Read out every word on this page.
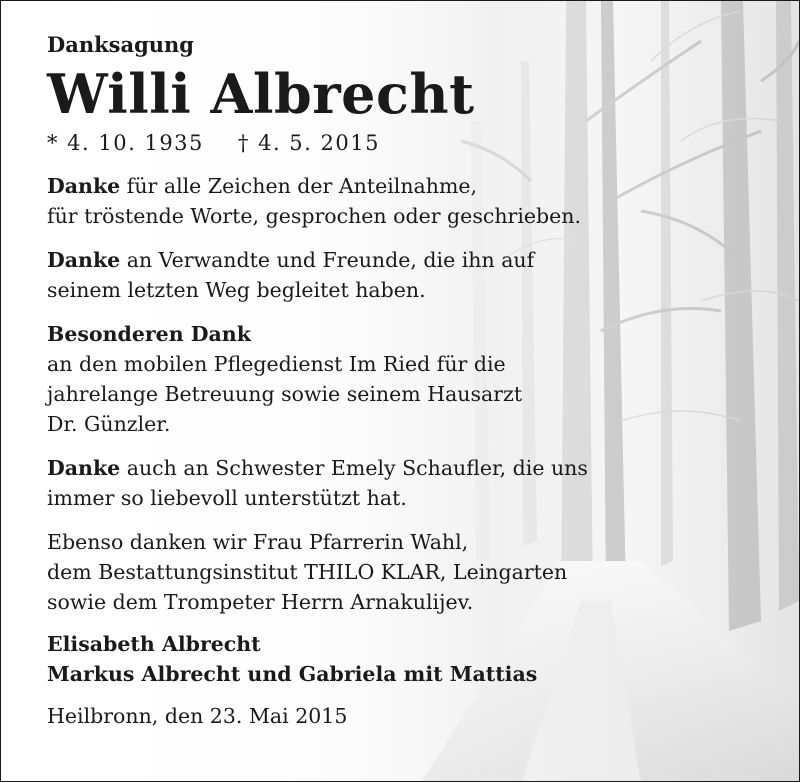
Danksagung
Willi Albrecht
* 4. 10. 1935 † 4. 5. 2015
Danke für alle Zeichen der Anteilnahme,
für tröstende Worte, gesprochen oder geschrieben.
Danke an Verwandte und Freunde, die ihn auf
seinem letzten Weg begleitet haben.
Besonderen Dank
an den mobilen Pflegedienst Im Ried für die
jahrelange Betreuung sowie seinem Hausarzt
Dr. Günzler.
Danke auch an Schwester Emely Schaufler, die uns
immer so liebevoll unterstützt hat.
Ebenso danken wir Frau Pfarrerin Wahl,
dem Bestattungsinstitut THILO KLAR, Leingarten
sowie dem Trompeter Herrn Arnakulijev.
Elisabeth Albrecht
Markus Albrecht und Gabriela mit Mattias
Heilbronn, den 23. Mai 2015
